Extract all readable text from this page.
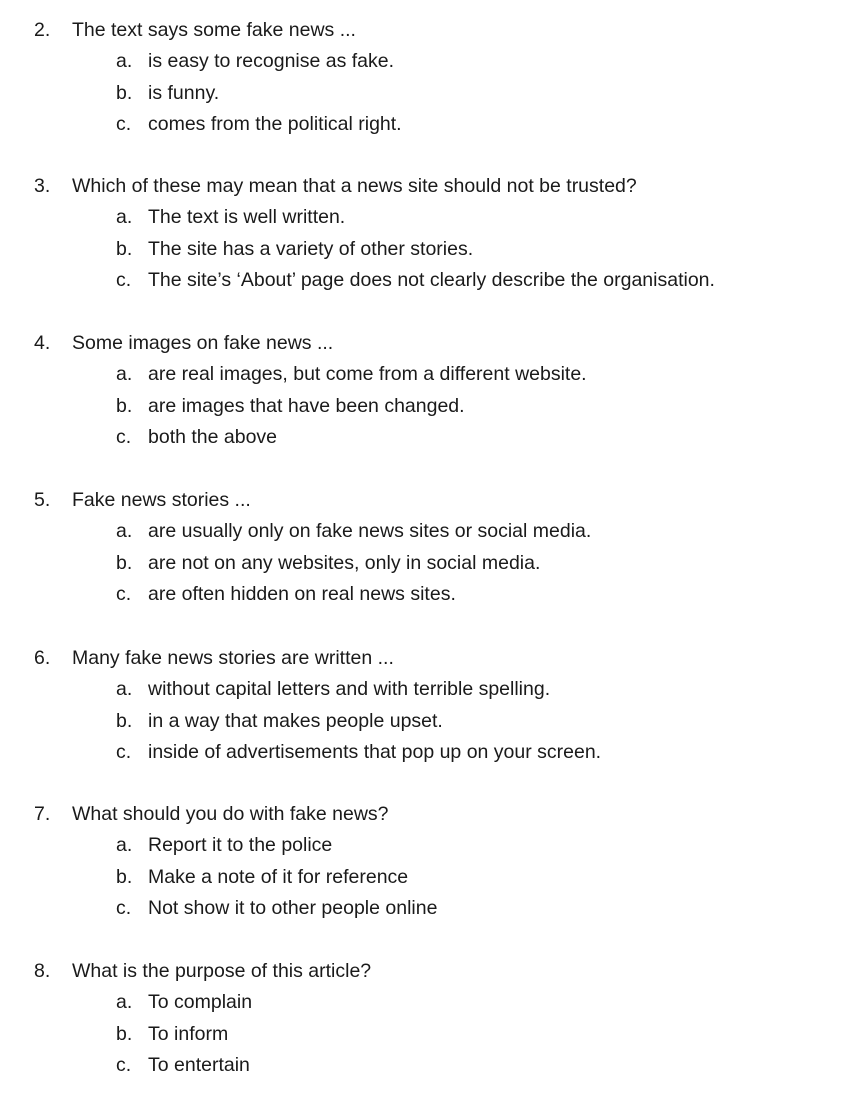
2. The text says some fake news ...
a. is easy to recognise as fake.
b. is funny.
c. comes from the political right.
3. Which of these may mean that a news site should not be trusted?
a. The text is well written.
b. The site has a variety of other stories.
c. The site’s ‘About’ page does not clearly describe the organisation.
4. Some images on fake news ...
a. are real images, but come from a different website.
b. are images that have been changed.
c. both the above
5. Fake news stories ...
a. are usually only on fake news sites or social media.
b. are not on any websites, only in social media.
c. are often hidden on real news sites.
6. Many fake news stories are written ...
a. without capital letters and with terrible spelling.
b. in a way that makes people upset.
c. inside of advertisements that pop up on your screen.
7. What should you do with fake news?
a. Report it to the police
b. Make a note of it for reference
c. Not show it to other people online
8. What is the purpose of this article?
a. To complain
b. To inform
c. To entertain
